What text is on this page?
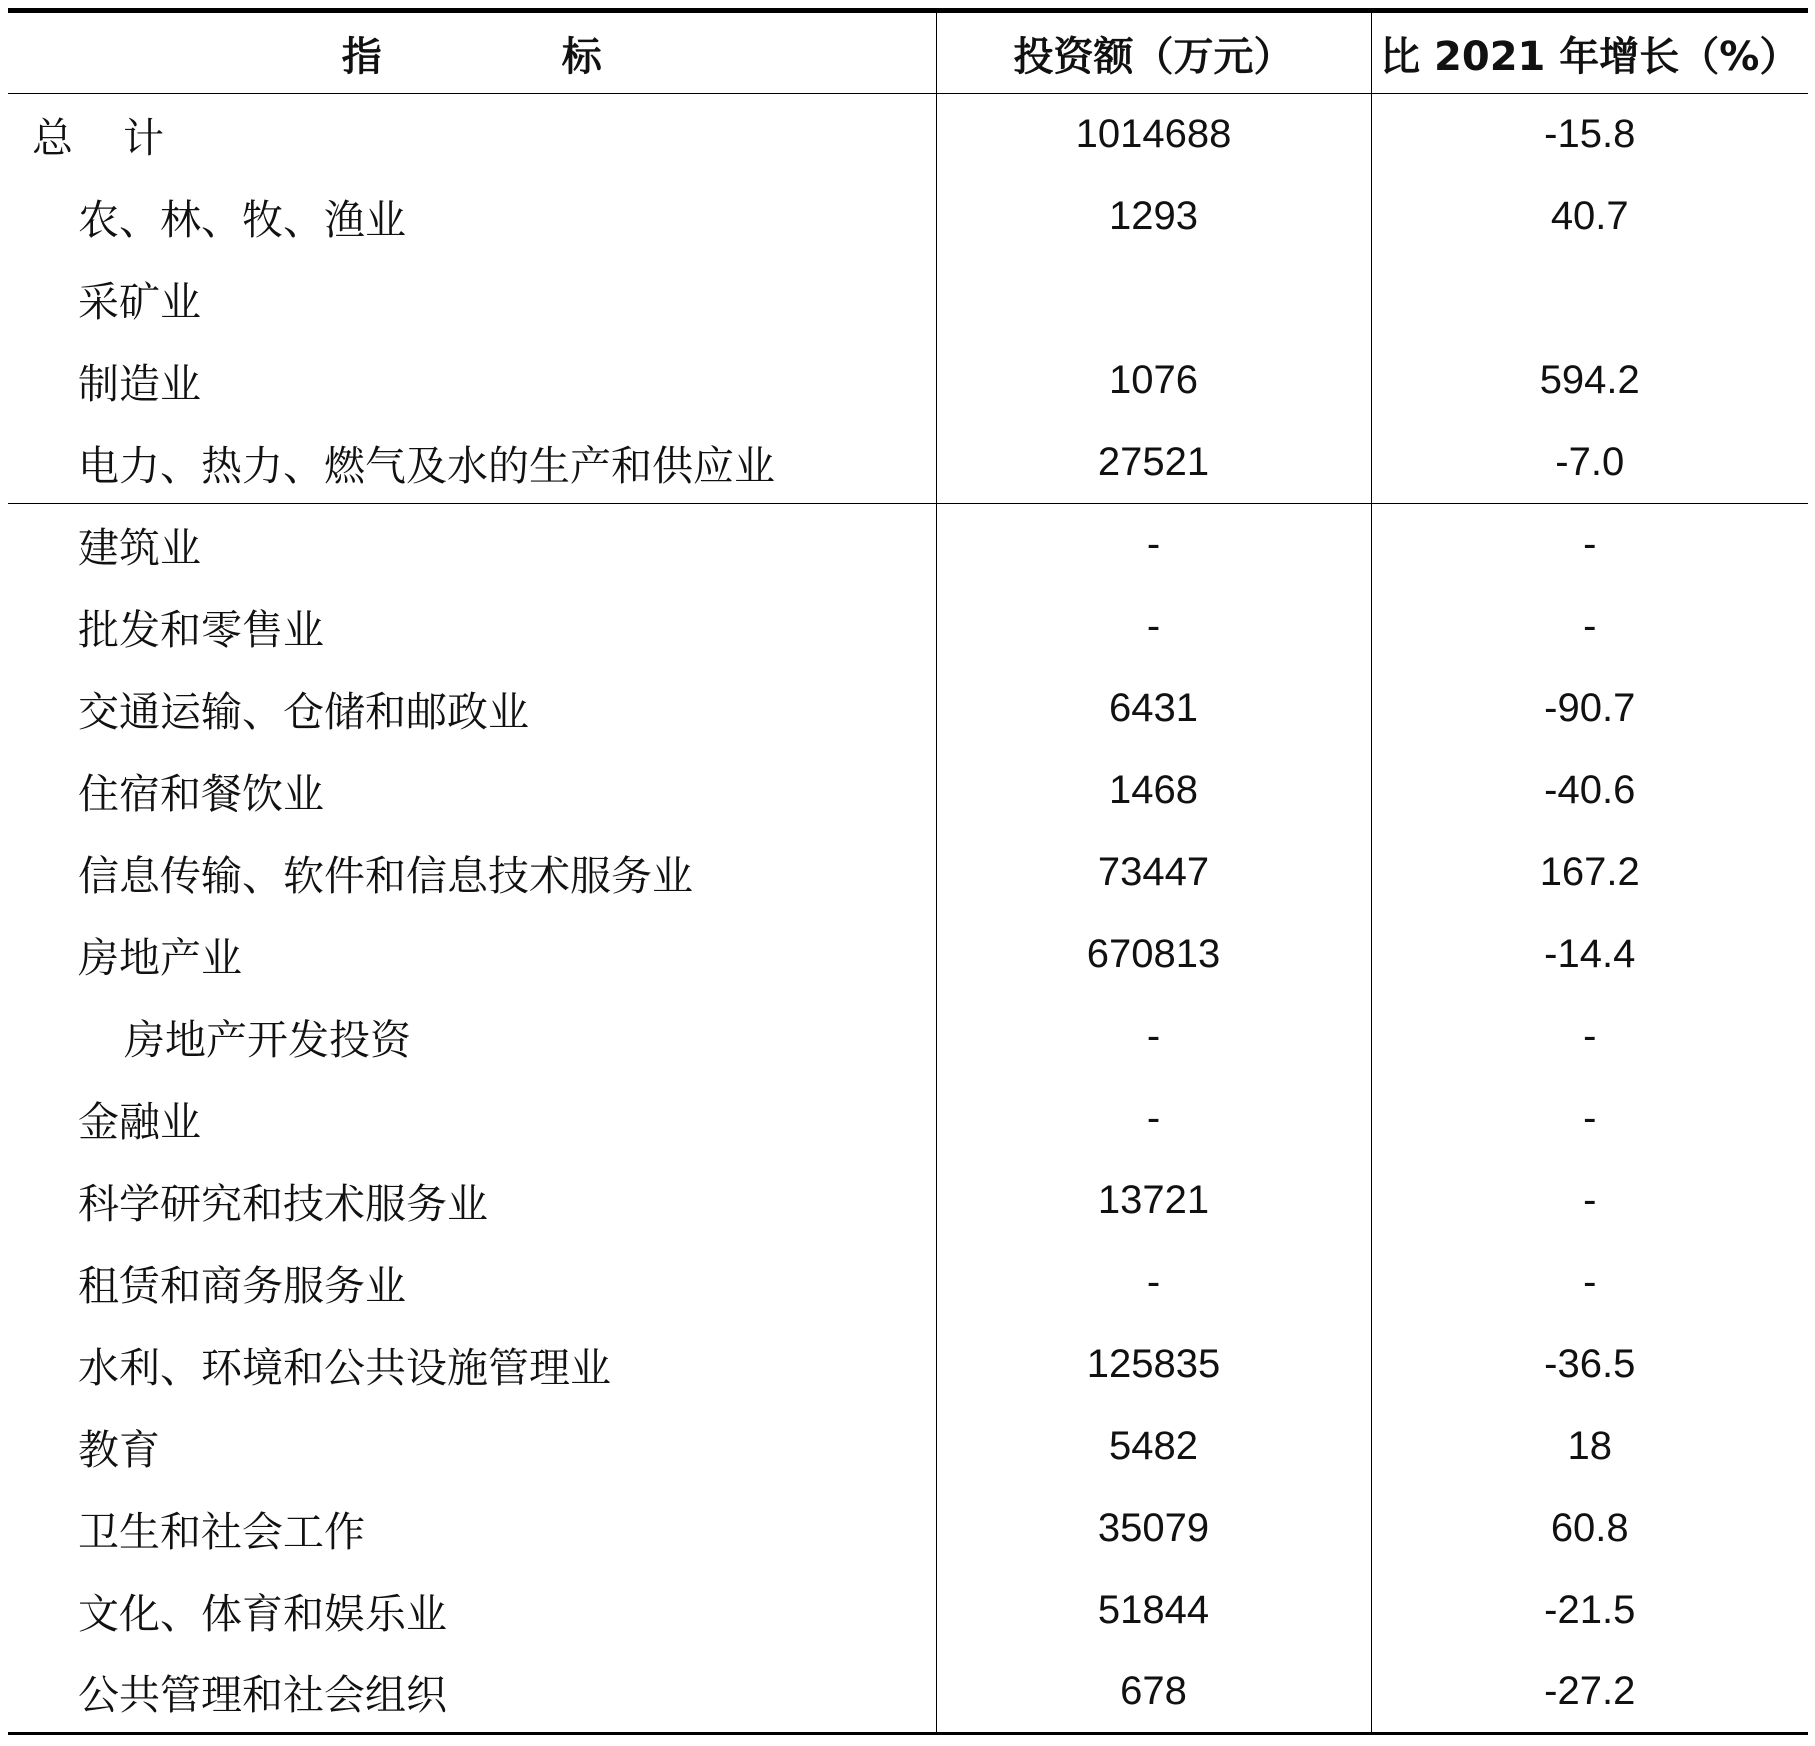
指 标	投资额（万元）	比 2021 年增长（%）
总 计	1014688	-15.8
农、林、牧、渔业	1293	40.7
采矿业		
制造业	1076	594.2
电力、热力、燃气及水的生产和供应业	27521	-7.0
建筑业	-	-
批发和零售业	-	-
交通运输、仓储和邮政业	6431	-90.7
住宿和餐饮业	1468	-40.6
信息传输、软件和信息技术服务业	73447	167.2
房地产业	670813	-14.4
房地产开发投资	-	-
金融业	-	-
科学研究和技术服务业	13721	-
租赁和商务服务业	-	-
水利、环境和公共设施管理业	125835	-36.5
教育	5482	18
卫生和社会工作	35079	60.8
文化、体育和娱乐业	51844	-21.5
公共管理和社会组织	678	-27.2
